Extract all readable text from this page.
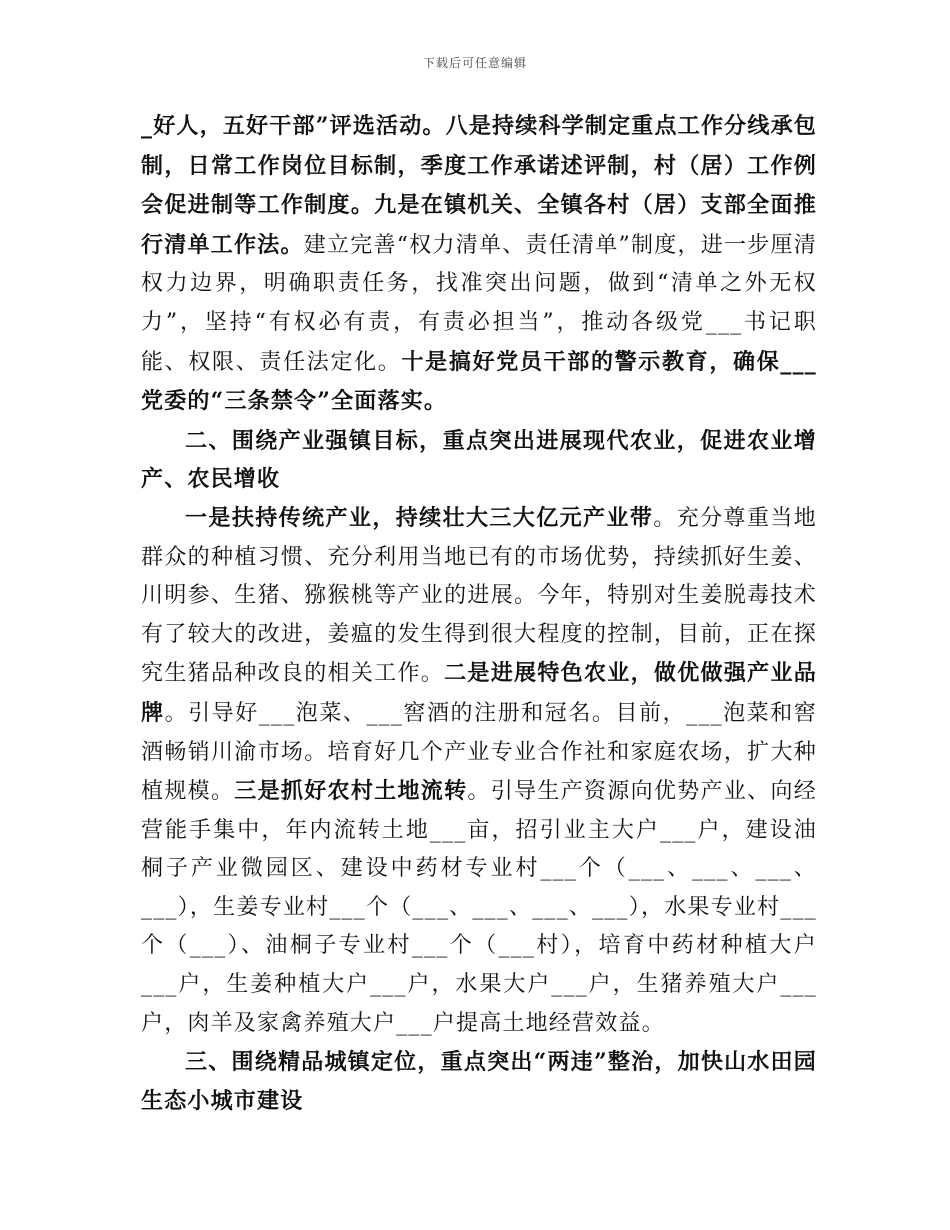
下载后可任意编辑

_好人，五好干部”评选活动。八是持续科学制定重点工作分线承包制，日常工作岗位目标制，季度工作承诺述评制，村（居）工作例会促进制等工作制度。九是在镇机关、全镇各村（居）支部全面推行清单工作法。建立完善“权力清单、责任清单”制度，进一步厘清权力边界，明确职责任务，找准突出问题，做到“清单之外无权力”，坚持“有权必有责，有责必担当”，推动各级党___书记职能、权限、责任法定化。十是搞好党员干部的警示教育，确保___党委的“三条禁令”全面落实。

二、围绕产业强镇目标，重点突出进展现代农业，促进农业增产、农民增收

一是扶持传统产业，持续壮大三大亿元产业带。充分尊重当地群众的种植习惯、充分利用当地已有的市场优势，持续抓好生姜、川明参、生猪、猕猴桃等产业的进展。今年，特别对生姜脱毒技术有了较大的改进，姜瘟的发生得到很大程度的控制，目前，正在探究生猪品种改良的相关工作。二是进展特色农业，做优做强产业品牌。引导好___泡菜、___窖酒的注册和冠名。目前，___泡菜和窖酒畅销川渝市场。培育好几个产业专业合作社和家庭农场，扩大种植规模。三是抓好农村土地流转。引导生产资源向优势产业、向经营能手集中，年内流转土地___亩，招引业主大户___户，建设油桐子产业微园区、建设中药材专业村___个（___、___、___、___），生姜专业村___个（___、___、___、___），水果专业村___个（___）、油桐子专业村___个（___村），培育中药材种植大户___户，生姜种植大户___户，水果大户___户，生猪养殖大户___户，肉羊及家禽养殖大户___户提高土地经营效益。

三、围绕精品城镇定位，重点突出“两违”整治，加快山水田园生态小城市建设
